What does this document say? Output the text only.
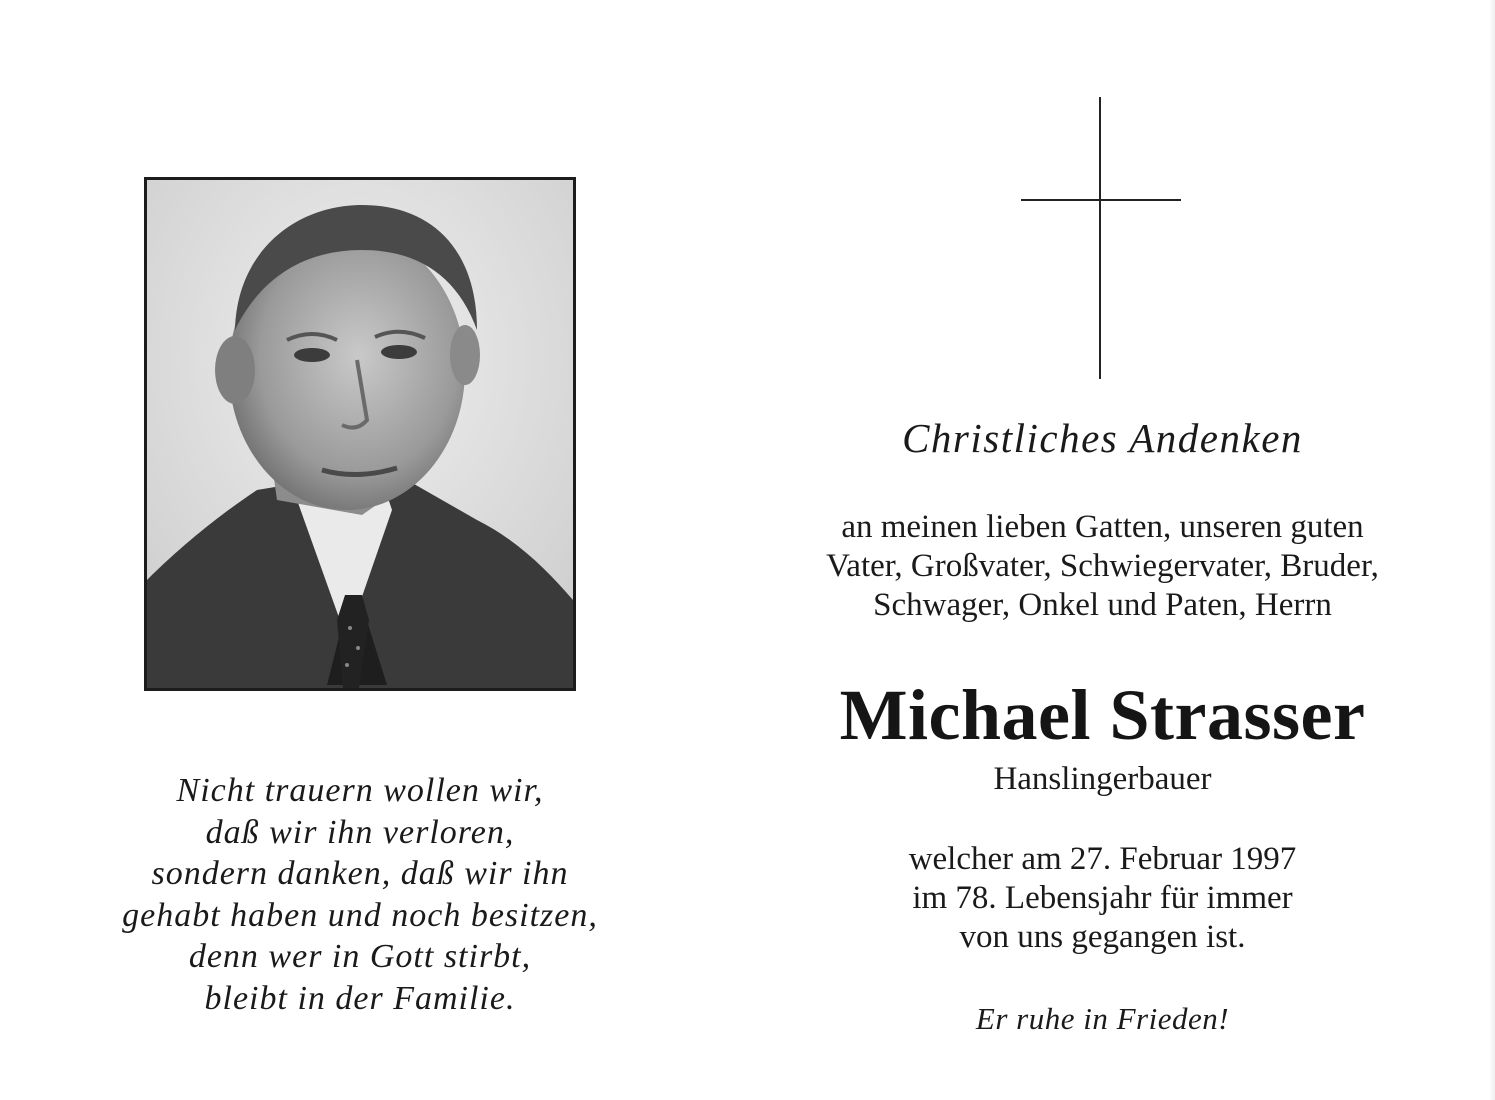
Nicht trauern wollen wir,
daß wir ihn verloren,
sondern danken, daß wir ihn
gehabt haben und noch besitzen,
denn wer in Gott stirbt,
bleibt in der Familie.
Christliches Andenken
an meinen lieben Gatten, unseren guten
Vater, Großvater, Schwiegervater, Bruder,
Schwager, Onkel und Paten, Herrn
Michael Strasser
Hanslingerbauer
welcher am 27. Februar 1997
im 78. Lebensjahr für immer
von uns gegangen ist.
Er ruhe in Frieden!
